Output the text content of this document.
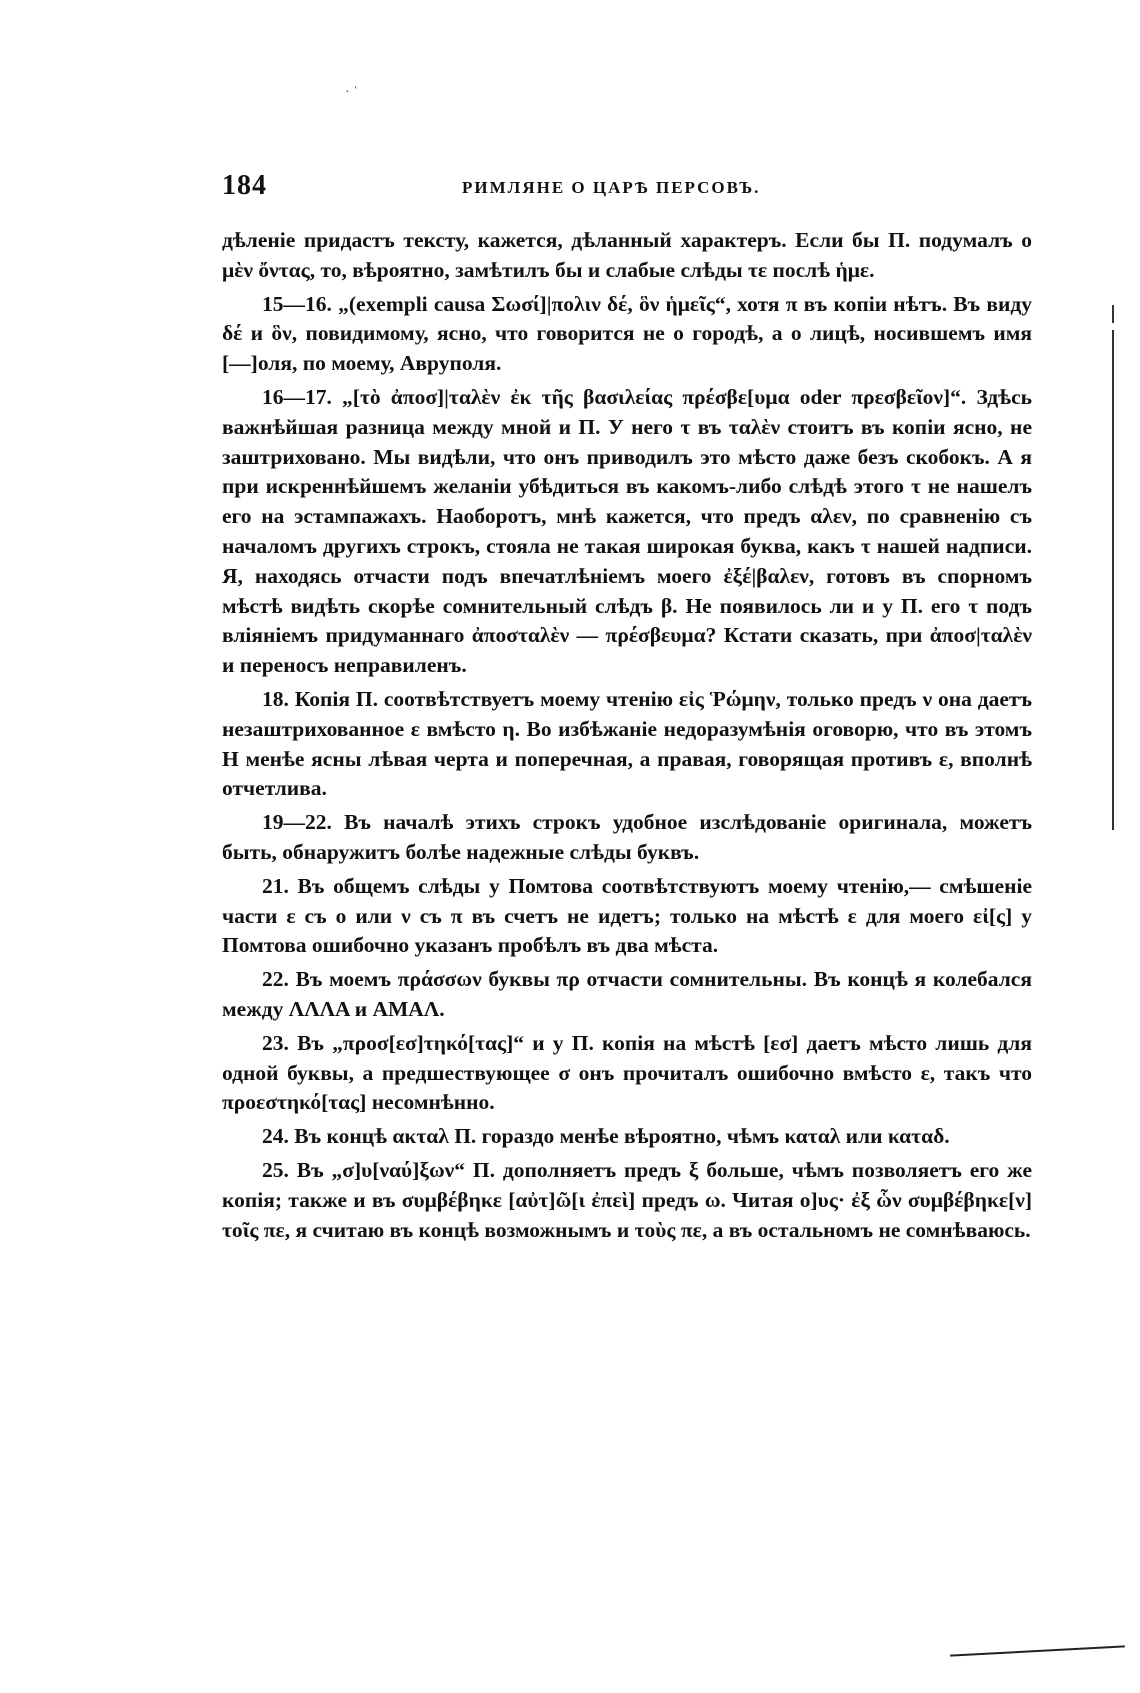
· ˈ
184	РИМЛЯНЕ О ЦАРѢ ПЕРСОВЪ.

дѣленіе придастъ тексту, кажется, дѣланный характеръ. Если бы П. подумалъ о μὲν ὄντας, то, вѣроятно, замѣтилъ бы и слабые слѣды τε послѣ ἡμε.

15—16. „(exempli causa Σωσί]|πολιν δέ, ὃν ἡμεῖς“, хотя π въ копіи нѣтъ. Въ виду δέ и ὃν, повидимому, ясно, что говорится не о городѣ, а о лицѣ, носившемъ имя [—]оля, по моему, Авруполя.

16—17. „[τὸ ἀποσ]|ταλὲν ἐκ τῆς βασιλείας πρέσβε[υμα oder πρεσβεῖον]“. Здѣсь важнѣйшая разница между мной и П. У него τ въ ταλὲν стоитъ въ копіи ясно, не заштриховано. Мы видѣли, что онъ приводилъ это мѣсто даже безъ скобокъ. А я при искреннѣйшемъ желаніи убѣдиться въ какомъ-либо слѣдѣ этого τ не нашелъ его на эстампажахъ. Наоборотъ, мнѣ кажется, что предъ αλεν, по сравненію съ началомъ другихъ строкъ, стояла не такая широкая буква, какъ τ нашей надписи. Я, находясь отчасти подъ впечатлѣніемъ моего ἐξέ|βαλεν, готовъ въ спорномъ мѣстѣ видѣть скорѣе сомнительный слѣдъ β. Не появилось ли и у П. его τ подъ вліяніемъ придуманнаго ἀποσταλὲν — πρέσβευμα? Кстати сказать, при ἀποσ|ταλὲν и переносъ неправиленъ.

18. Копія П. соотвѣтствуетъ моему чтенію εἰς Ῥώμην, только предъ ν она даетъ незаштрихованное ε вмѣсто η. Во избѣжаніе недоразумѣнія оговорю, что въ этомъ Н менѣе ясны лѣвая черта и поперечная, а правая, говорящая противъ ε, вполнѣ отчетлива.

19—22. Въ началѣ этихъ строкъ удобное изслѣдованіе оригинала, можетъ быть, обнаружитъ болѣе надежные слѣды буквъ.

21. Въ общемъ слѣды у Помтова соотвѣтствуютъ моему чтенію,— смѣшеніе части ε съ ο или ν съ π въ счетъ не идетъ; только на мѣстѣ ε для моего εἰ[ς] у Помтова ошибочно указанъ пробѣлъ въ два мѣста.

22. Въ моемъ πράσσων буквы πρ отчасти сомнительны. Въ концѣ я колебался между ΛΛΛΑ и ΑΜΑΛ.

23. Въ „προσ[εσ]τηκό[τας]“ и у П. копія на мѣстѣ [εσ] даетъ мѣсто лишь для одной буквы, а предшествующее σ онъ прочиталъ ошибочно вмѣсто ε, такъ что προεστηκό[τας] несомнѣнно.

24. Въ концѣ ακταλ П. гораздо менѣе вѣроятно, чѣмъ καταλ или καταδ.

25. Въ „σ]υ[ναύ]ξων“ П. дополняетъ предъ ξ больше, чѣмъ позволяетъ его же копія; также и въ συμβέβηκε [αὐτ]ῶ[ι ἐπεὶ] предъ ω. Читая ο]υς· ἐξ ὧν συμβέβηκε[ν] τοῖς πε, я считаю въ концѣ возможнымъ и τοὺς πε, а въ остальномъ не сомнѣваюсь.
